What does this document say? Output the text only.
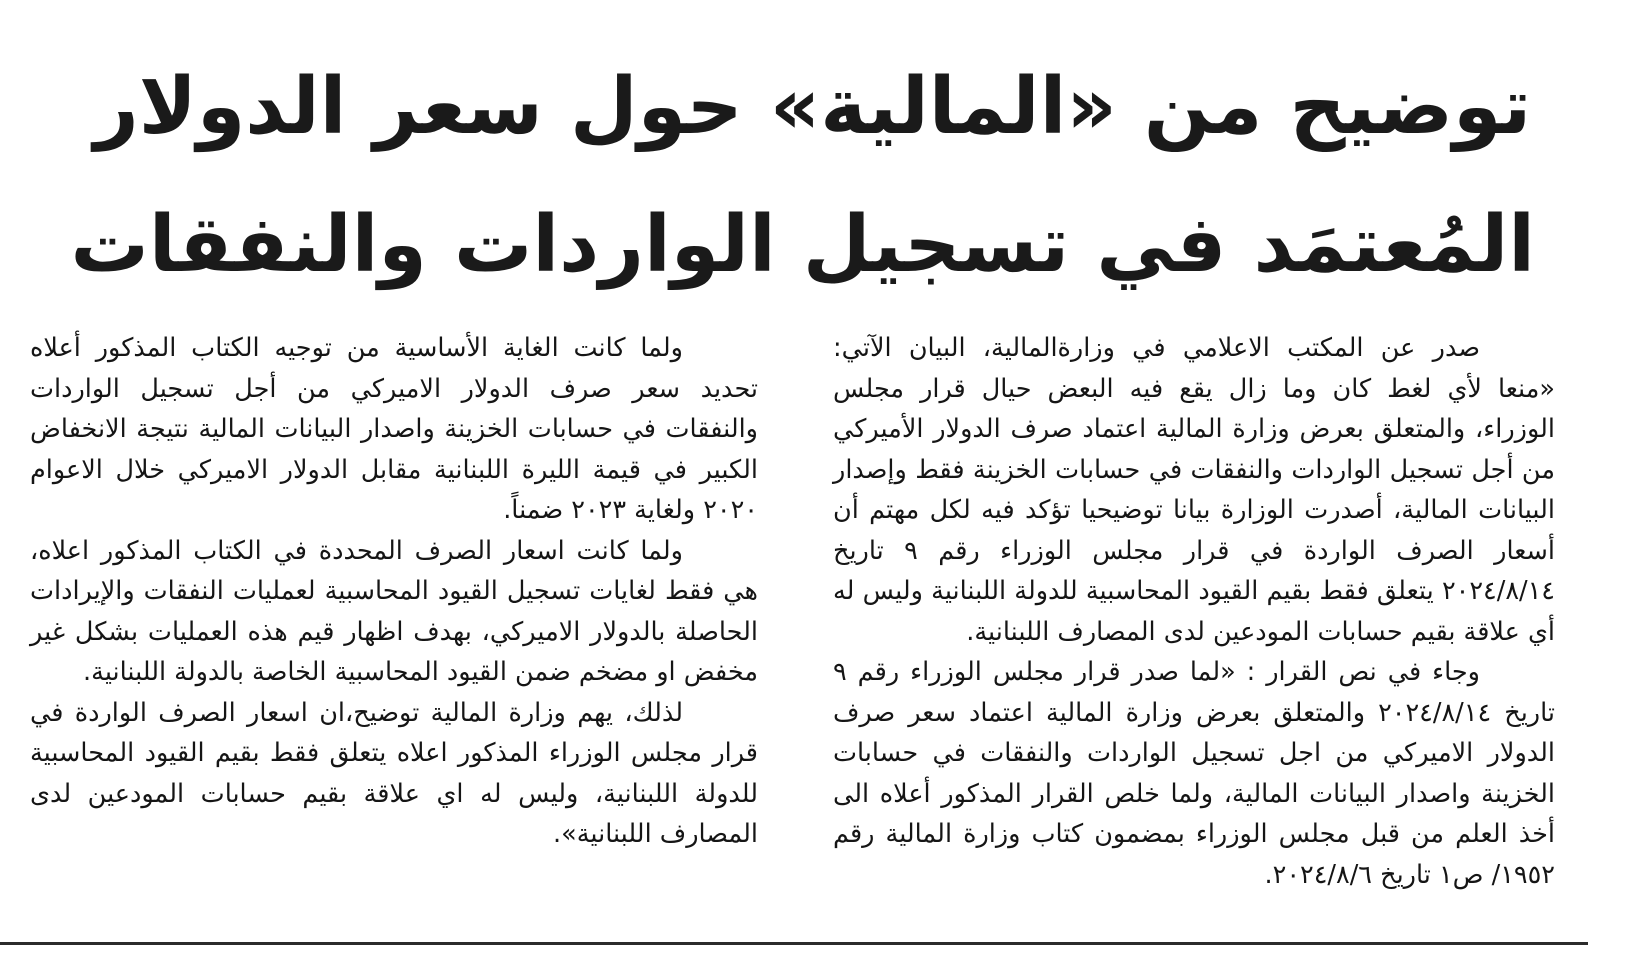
توضيح من «المالية» حول سعر الدولار
المُعتمَد في تسجيل الواردات والنفقات

صدر عن المكتب الاعلامي في وزارةالمالية، البيان الآتي: «منعا لأي لغط كان وما زال يقع فيه البعض حيال قرار مجلس الوزراء، والمتعلق بعرض وزارة المالية اعتماد صرف الدولار الأميركي من أجل تسجيل الواردات والنفقات في حسابات الخزينة فقط وإصدار البيانات المالية، أصدرت الوزارة بيانا توضيحيا تؤكد فيه لكل مهتم أن أسعار الصرف الواردة في قرار مجلس الوزراء رقم ٩ تاريخ ٢٠٢٤/٨/١٤ يتعلق فقط بقيم القيود المحاسبية للدولة اللبنانية وليس له أي علاقة بقيم حسابات المودعين لدى المصارف اللبنانية.

وجاء في نص القرار : «لما صدر قرار مجلس الوزراء رقم ٩ تاريخ ٢٠٢٤/٨/١٤ والمتعلق بعرض وزارة المالية اعتماد سعر صرف الدولار الاميركي من اجل تسجيل الواردات والنفقات في حسابات الخزينة واصدار البيانات المالية، ولما خلص القرار المذكور أعلاه الى أخذ العلم من قبل مجلس الوزراء بمضمون كتاب وزارة المالية رقم ١٩٥٢/ ص١ تاريخ ٢٠٢٤/٨/٦.

ولما كانت الغاية الأساسية من توجيه الكتاب المذكور أعلاه تحديد سعر صرف الدولار الاميركي من أجل تسجيل الواردات والنفقات في حسابات الخزينة واصدار البيانات المالية نتيجة الانخفاض الكبير في قيمة الليرة اللبنانية مقابل الدولار الاميركي خلال الاعوام ٢٠٢٠ ولغاية ٢٠٢٣ ضمناً.

ولما كانت اسعار الصرف المحددة في الكتاب المذكور اعلاه، هي فقط لغايات تسجيل القيود المحاسبية لعمليات النفقات والإيرادات الحاصلة بالدولار الاميركي، بهدف اظهار قيم هذه العمليات بشكل غير مخفض او مضخم ضمن القيود المحاسبية الخاصة بالدولة اللبنانية.

لذلك، يهم وزارة المالية توضيح،ان اسعار الصرف الواردة في قرار مجلس الوزراء المذكور اعلاه يتعلق فقط بقيم القيود المحاسبية للدولة اللبنانية، وليس له اي علاقة بقيم حسابات المودعين لدى المصارف اللبنانية».
